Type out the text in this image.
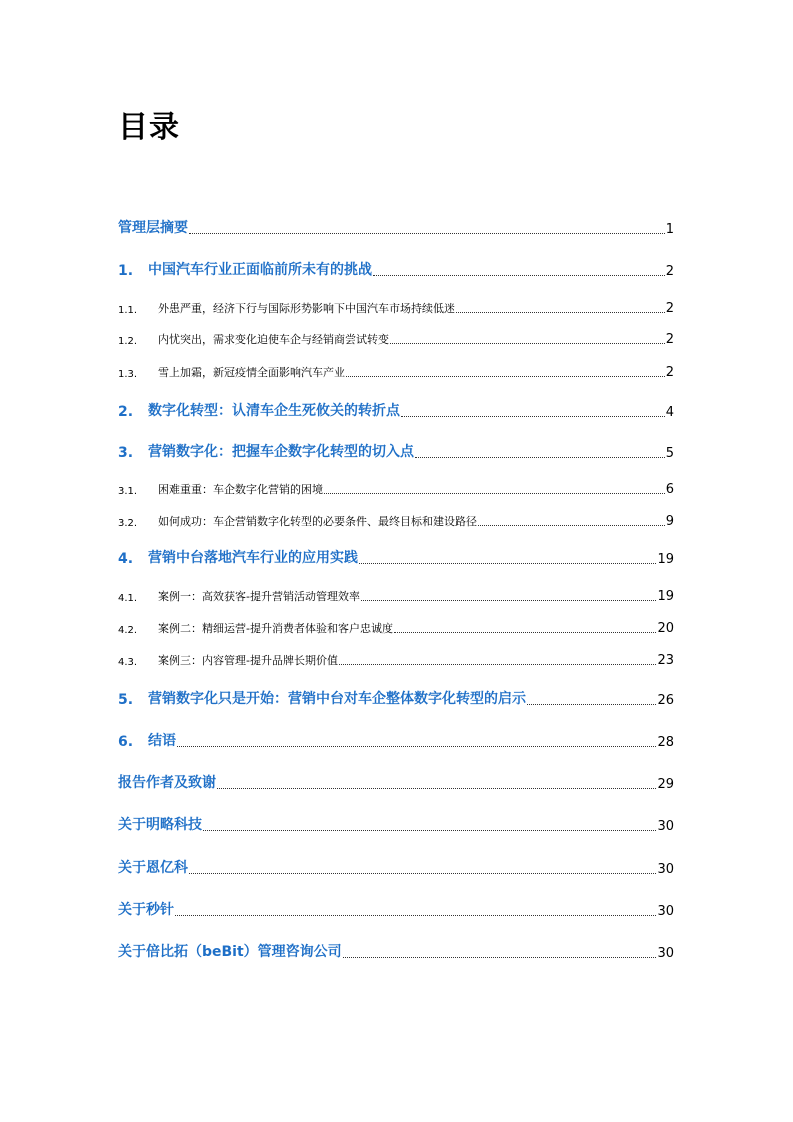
目录
管理层摘要	1
1.	中国汽车行业正面临前所未有的挑战	2
1.1.	外患严重，经济下行与国际形势影响下中国汽车市场持续低迷	2
1.2.	内忧突出，需求变化迫使车企与经销商尝试转变	2
1.3.	雪上加霜，新冠疫情全面影响汽车产业	2
2.	数字化转型：认清车企生死攸关的转折点	4
3.	营销数字化：把握车企数字化转型的切入点	5
3.1.	困难重重：车企数字化营销的困境	6
3.2.	如何成功：车企营销数字化转型的必要条件、最终目标和建设路径	9
4.	营销中台落地汽车行业的应用实践	19
4.1.	案例一：高效获客-提升营销活动管理效率	19
4.2.	案例二：精细运营-提升消费者体验和客户忠诚度	20
4.3.	案例三：内容管理-提升品牌长期价值	23
5.	营销数字化只是开始：营销中台对车企整体数字化转型的启示	26
6.	结语	28
报告作者及致谢	29
关于明略科技	30
关于恩亿科	30
关于秒针	30
关于倍比拓（beBit）管理咨询公司	30
